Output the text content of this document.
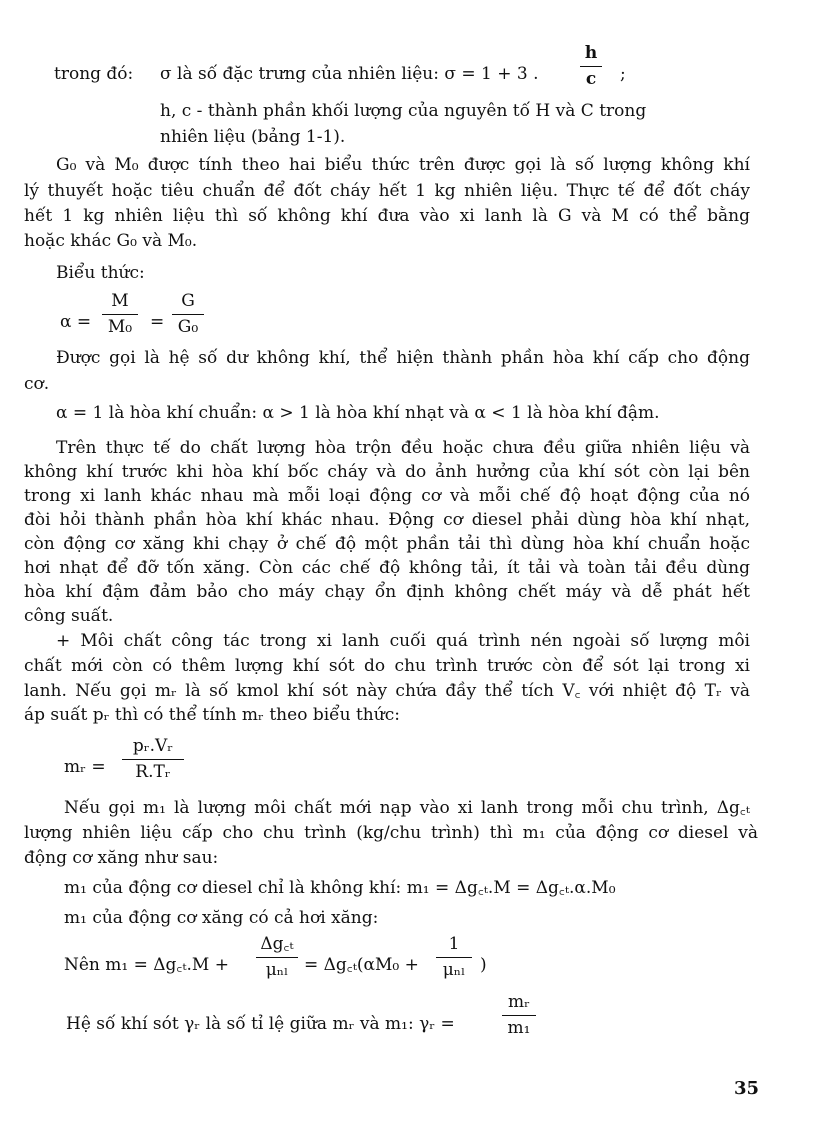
trong đó: σ là số đặc trưng của nhiên liệu: σ = 1 + 3 .
h
c ;
h, c - thành phần khối lượng của nguyên tố H và C trong
nhiên liệu (bảng 1-1).
G₀ và M₀ được tính theo hai biểu thức trên được gọi là số lượng không khí
lý thuyết hoặc tiêu chuẩn để đốt cháy hết 1 kg nhiên liệu. Thực tế để đốt cháy
hết 1 kg nhiên liệu thì số không khí đưa vào xi lanh là G và M có thể bằng
hoặc khác G₀ và M₀.
Biểu thức:
α =
M
M₀ =
G
G₀
Được gọi là hệ số dư không khí, thể hiện thành phần hòa khí cấp cho động
cơ.
α = 1 là hòa khí chuẩn: α > 1 là hòa khí nhạt và α < 1 là hòa khí đậm.
Trên thực tế do chất lượng hòa trộn đều hoặc chưa đều giữa nhiên liệu và
không khí trước khi hòa khí bốc cháy và do ảnh hưởng của khí sót còn lại bên
trong xi lanh khác nhau mà mỗi loại động cơ và mỗi chế độ hoạt động của nó
đòi hỏi thành phần hòa khí khác nhau. Động cơ diesel phải dùng hòa khí nhạt,
còn động cơ xăng khi chạy ở chế độ một phần tải thì dùng hòa khí chuẩn hoặc
hơi nhạt để đỡ tốn xăng. Còn các chế độ không tải, ít tải và toàn tải đều dùng
hòa khí đậm đảm bảo cho máy chạy ổn định không chết máy và dễ phát hết
công suất.
+ Môi chất công tác trong xi lanh cuối quá trình nén ngoài số lượng môi
chất mới còn có thêm lượng khí sót do chu trình trước còn để sót lại trong xi
lanh. Nếu gọi mᵣ là số kmol khí sót này chứa đầy thể tích V꜀ với nhiệt độ Tᵣ và
áp suất pᵣ thì có thể tính mᵣ theo biểu thức:
mᵣ =
pᵣ.Vᵣ
R.Tᵣ
Nếu gọi m₁ là lượng môi chất mới nạp vào xi lanh trong mỗi chu trình, Δg꜀ₜ
lượng nhiên liệu cấp cho chu trình (kg/chu trình) thì m₁ của động cơ diesel và
động cơ xăng như sau:
m₁ của động cơ diesel chỉ là không khí: m₁ = Δg꜀ₜ.M = Δg꜀ₜ.α.M₀
m₁ của động cơ xăng có cả hơi xăng:
Nên m₁ = Δg꜀ₜ.M +
Δg꜀ₜ
μₙₗ = Δg꜀ₜ(αM₀ +
1
μₙₗ )
Hệ số khí sót γᵣ là số tỉ lệ giữa mᵣ và m₁: γᵣ =
mᵣ
m₁
35
